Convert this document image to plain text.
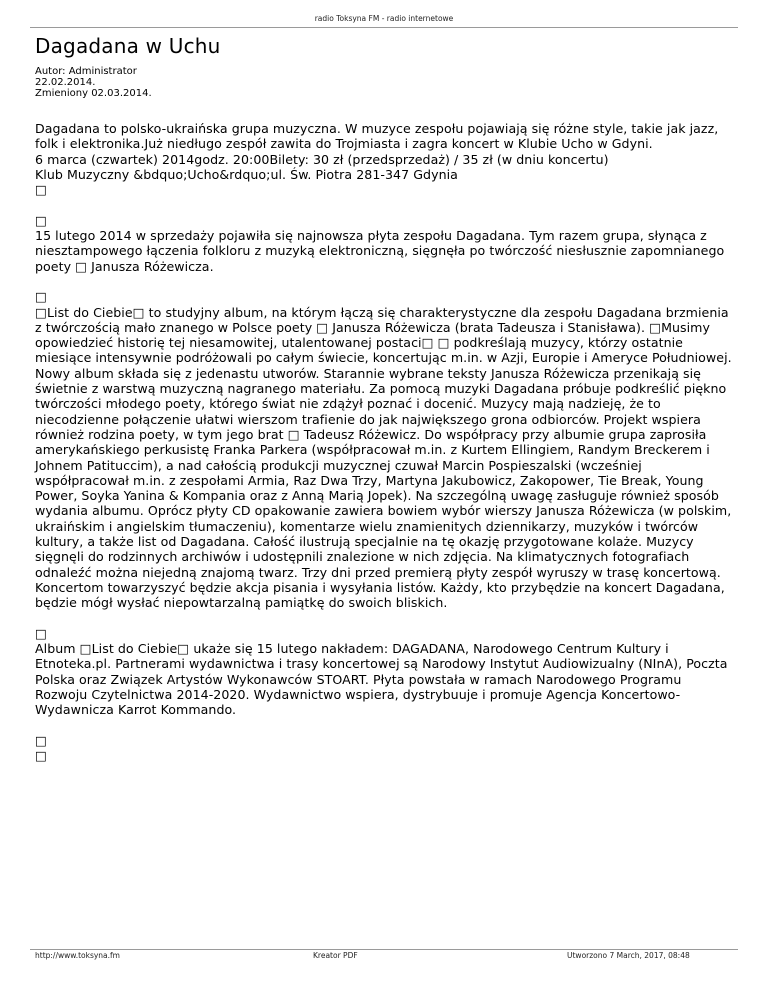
radio Toksyna FM - radio internetowe
Dagadana w Uchu
Autor: Administrator
22.02.2014.
Zmieniony 02.03.2014.

Dagadana to polsko-ukraińska grupa muzyczna. W muzyce zespołu pojawiają się różne style, takie jak jazz, folk i elektronika.Już niedługo zespół zawita do Trojmiasta i zagra koncert w Klubie Ucho w Gdyni.
6 marca (czwartek) 2014godz. 20:00Bilety: 30 zł (przedsprzedaż) / 35 zł (w dniu koncertu)
Klub Muzyczny &bdquo;Ucho&rdquo;ul. Św. Piotra 281-347 Gdynia
□

□
15 lutego 2014 w sprzedaży pojawiła się najnowsza płyta zespołu Dagadana. Tym razem grupa, słynąca z niesztampowego łączenia folkloru z muzyką elektroniczną, sięgnęła po twórczość niesłusznie zapomnianego poety □ Janusza Różewicza.

□
□List do Ciebie□ to studyjny album, na którym łączą się charakterystyczne dla zespołu Dagadana brzmienia z twórczością mało znanego w Polsce poety □ Janusza Różewicza (brata Tadeusza i Stanisława). □Musimy opowiedzieć historię tej niesamowitej, utalentowanej postaci□ □ podkreślają muzycy, którzy ostatnie miesiące intensywnie podróżowali po całym świecie, koncertując m.in. w Azji, Europie i Ameryce Południowej. Nowy album składa się z jedenastu utworów. Starannie wybrane teksty Janusza Różewicza przenikają się świetnie z warstwą muzyczną nagranego materiału. Za pomocą muzyki Dagadana próbuje podkreślić piękno twórczości młodego poety, którego świat nie zdążył poznać i docenić. Muzycy mają nadzieję, że to niecodzienne połączenie ułatwi wierszom trafienie do jak największego grona odbiorców. Projekt wspiera również rodzina poety, w tym jego brat □ Tadeusz Różewicz. Do współpracy przy albumie grupa zaprosiła amerykańskiego perkusistę Franka Parkera (współpracował m.in. z Kurtem Ellingiem, Randym Breckerem i Johnem Patituccim), a nad całością produkcji muzycznej czuwał Marcin Pospieszalski (wcześniej współpracował m.in. z zespołami Armia, Raz Dwa Trzy, Martyna Jakubowicz, Zakopower, Tie Break, Young Power, Soyka Yanina & Kompania oraz z Anną Marią Jopek). Na szczególną uwagę zasługuje również sposób wydania albumu. Oprócz płyty CD opakowanie zawiera bowiem wybór wierszy Janusza Różewicza (w polskim, ukraińskim i angielskim tłumaczeniu), komentarze wielu znamienitych dziennikarzy, muzyków i twórców kultury, a także list od Dagadana. Całość ilustrują specjalnie na tę okazję przygotowane kolaże. Muzycy sięgnęli do rodzinnych archiwów i udostępnili znalezione w nich zdjęcia. Na klimatycznych fotografiach odnaleźć można niejedną znajomą twarz. Trzy dni przed premierą płyty zespół wyruszy w trasę koncertową. Koncertom towarzyszyć będzie akcja pisania i wysyłania listów. Każdy, kto przybędzie na koncert Dagadana, będzie mógł wysłać niepowtarzalną pamiątkę do swoich bliskich.

□
Album □List do Ciebie□ ukaże się 15 lutego nakładem: DAGADANA, Narodowego Centrum Kultury i Etnoteka.pl. Partnerami wydawnictwa i trasy koncertowej są Narodowy Instytut Audiowizualny (NInA), Poczta Polska oraz Związek Artystów Wykonawców STOART. Płyta powstała w ramach Narodowego Programu Rozwoju Czytelnictwa 2014-2020. Wydawnictwo wspiera, dystrybuuje i promuje Agencja Koncertowo-Wydawnicza Karrot Kommando.

□
□

http://www.toksyna.fm	Kreator PDF	Utworzono 7 March, 2017, 08:48
